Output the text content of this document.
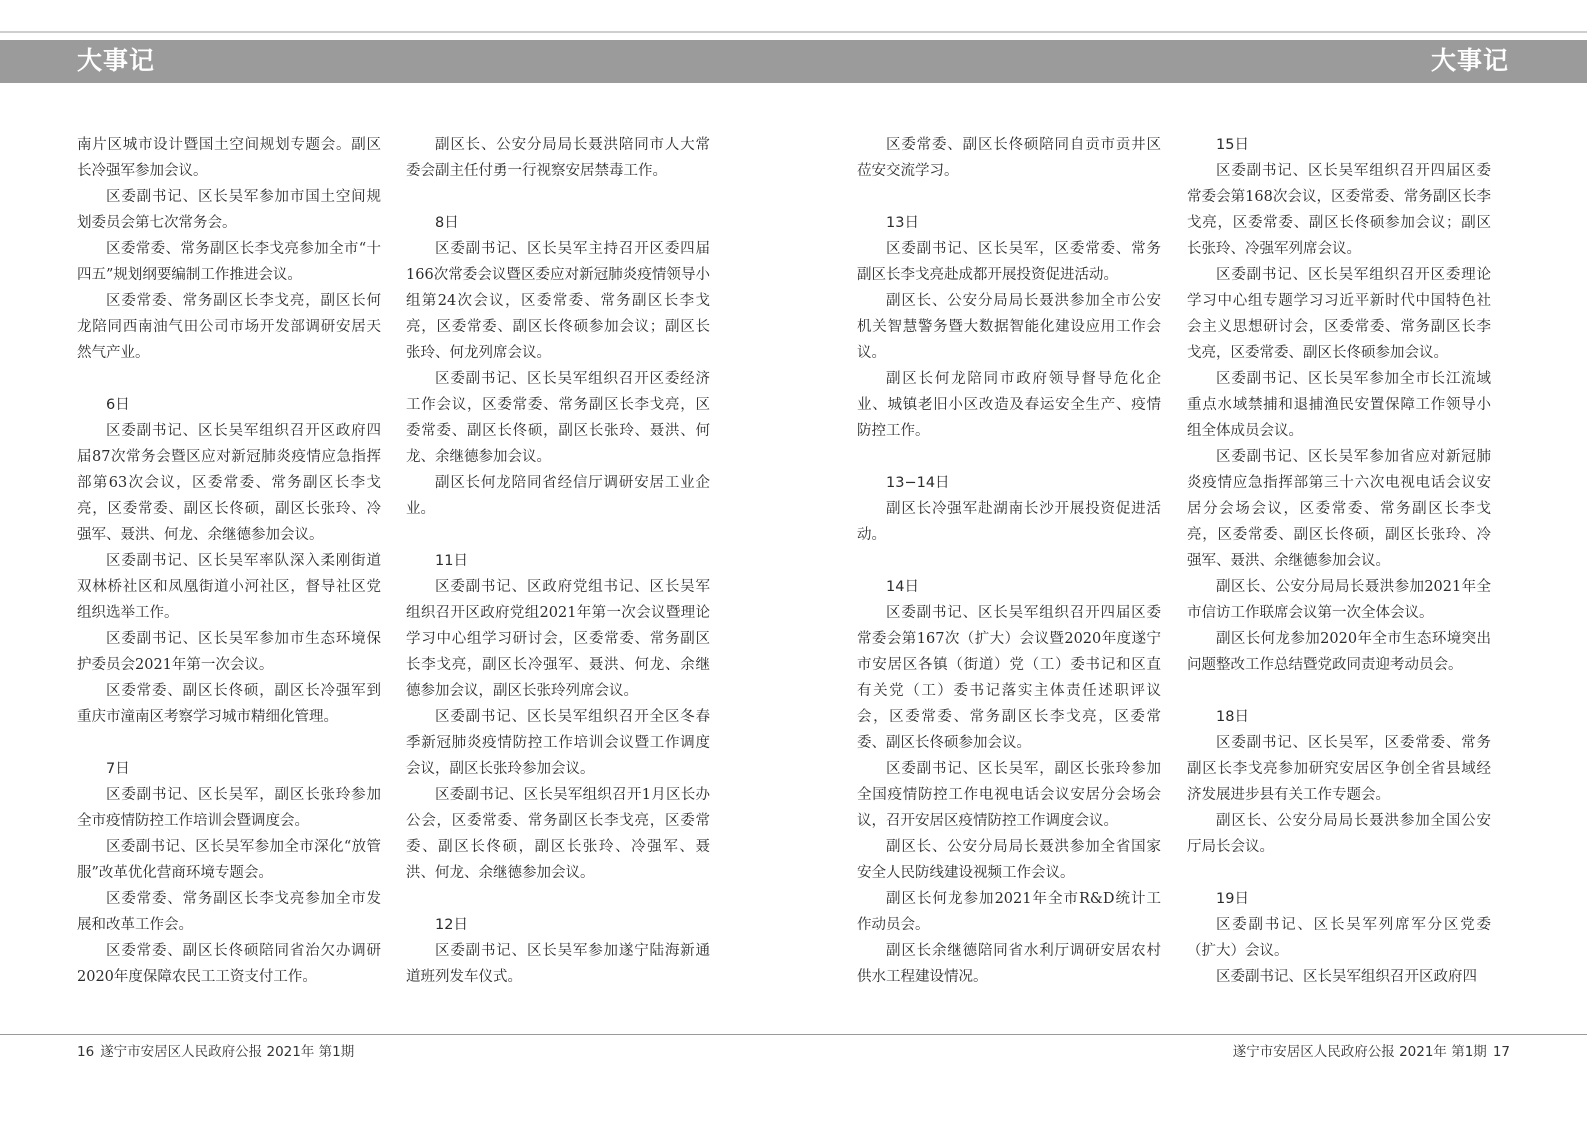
大事记	大事记

南片区城市设计暨国土空间规划专题会。副区长冷强军参加会议。

区委副书记、区长吴军参加市国土空间规划委员会第七次常务会。

区委常委、常务副区长李戈亮参加全市“十四五”规划纲要编制工作推进会议。

区委常委、常务副区长李戈亮，副区长何龙陪同西南油气田公司市场开发部调研安居天然气产业。

6日

区委副书记、区长吴军组织召开区政府四届87次常务会暨区应对新冠肺炎疫情应急指挥部第63次会议，区委常委、常务副区长李戈亮，区委常委、副区长佟硕，副区长张玲、冷强军、聂洪、何龙、余继德参加会议。

区委副书记、区长吴军率队深入柔刚街道双林桥社区和凤凰街道小河社区，督导社区党组织选举工作。

区委副书记、区长吴军参加市生态环境保护委员会2021年第一次会议。

区委常委、副区长佟硕，副区长冷强军到重庆市潼南区考察学习城市精细化管理。

7日

区委副书记、区长吴军，副区长张玲参加全市疫情防控工作培训会暨调度会。

区委副书记、区长吴军参加全市深化“放管服”改革优化营商环境专题会。

区委常委、常务副区长李戈亮参加全市发展和改革工作会。

区委常委、副区长佟硕陪同省治欠办调研2020年度保障农民工工资支付工作。

副区长、公安分局局长聂洪陪同市人大常委会副主任付勇一行视察安居禁毒工作。

8日

区委副书记、区长吴军主持召开区委四届166次常委会议暨区委应对新冠肺炎疫情领导小组第24次会议，区委常委、常务副区长李戈亮，区委常委、副区长佟硕参加会议；副区长张玲、何龙列席会议。

区委副书记、区长吴军组织召开区委经济工作会议，区委常委、常务副区长李戈亮，区委常委、副区长佟硕，副区长张玲、聂洪、何龙、余继德参加会议。

副区长何龙陪同省经信厅调研安居工业企业。

11日

区委副书记、区政府党组书记、区长吴军组织召开区政府党组2021年第一次会议暨理论学习中心组学习研讨会，区委常委、常务副区长李戈亮，副区长冷强军、聂洪、何龙、余继德参加会议，副区长张玲列席会议。

区委副书记、区长吴军组织召开全区冬春季新冠肺炎疫情防控工作培训会议暨工作调度会议，副区长张玲参加会议。

区委副书记、区长吴军组织召开1月区长办公会，区委常委、常务副区长李戈亮，区委常委、副区长佟硕，副区长张玲、冷强军、聂洪、何龙、余继德参加会议。

12日

区委副书记、区长吴军参加遂宁陆海新通道班列发车仪式。

区委常委、副区长佟硕陪同自贡市贡井区莅安交流学习。

13日

区委副书记、区长吴军，区委常委、常务副区长李戈亮赴成都开展投资促进活动。

副区长、公安分局局长聂洪参加全市公安机关智慧警务暨大数据智能化建设应用工作会议。

副区长何龙陪同市政府领导督导危化企业、城镇老旧小区改造及春运安全生产、疫情防控工作。

13−14日

副区长冷强军赴湖南长沙开展投资促进活动。

14日

区委副书记、区长吴军组织召开四届区委常委会第167次（扩大）会议暨2020年度遂宁市安居区各镇（街道）党（工）委书记和区直有关党（工）委书记落实主体责任述职评议会，区委常委、常务副区长李戈亮，区委常委、副区长佟硕参加会议。

区委副书记、区长吴军，副区长张玲参加全国疫情防控工作电视电话会议安居分会场会议，召开安居区疫情防控工作调度会议。

副区长、公安分局局长聂洪参加全省国家安全人民防线建设视频工作会议。

副区长何龙参加2021年全市R&D统计工作动员会。

副区长余继德陪同省水利厅调研安居农村供水工程建设情况。

15日

区委副书记、区长吴军组织召开四届区委常委会第168次会议，区委常委、常务副区长李戈亮，区委常委、副区长佟硕参加会议；副区长张玲、冷强军列席会议。

区委副书记、区长吴军组织召开区委理论学习中心组专题学习习近平新时代中国特色社会主义思想研讨会，区委常委、常务副区长李戈亮，区委常委、副区长佟硕参加会议。

区委副书记、区长吴军参加全市长江流域重点水域禁捕和退捕渔民安置保障工作领导小组全体成员会议。

区委副书记、区长吴军参加省应对新冠肺炎疫情应急指挥部第三十六次电视电话会议安居分会场会议，区委常委、常务副区长李戈亮，区委常委、副区长佟硕，副区长张玲、冷强军、聂洪、余继德参加会议。

副区长、公安分局局长聂洪参加2021年全市信访工作联席会议第一次全体会议。

副区长何龙参加2020年全市生态环境突出问题整改工作总结暨党政同责迎考动员会。

18日

区委副书记、区长吴军，区委常委、常务副区长李戈亮参加研究安居区争创全省县域经济发展进步县有关工作专题会。

副区长、公安分局局长聂洪参加全国公安厅局长会议。

19日

区委副书记、区长吴军列席军分区党委（扩大）会议。

区委副书记、区长吴军组织召开区政府四

16 遂宁市安居区人民政府公报 2021年 第1期	遂宁市安居区人民政府公报 2021年 第1期 17
